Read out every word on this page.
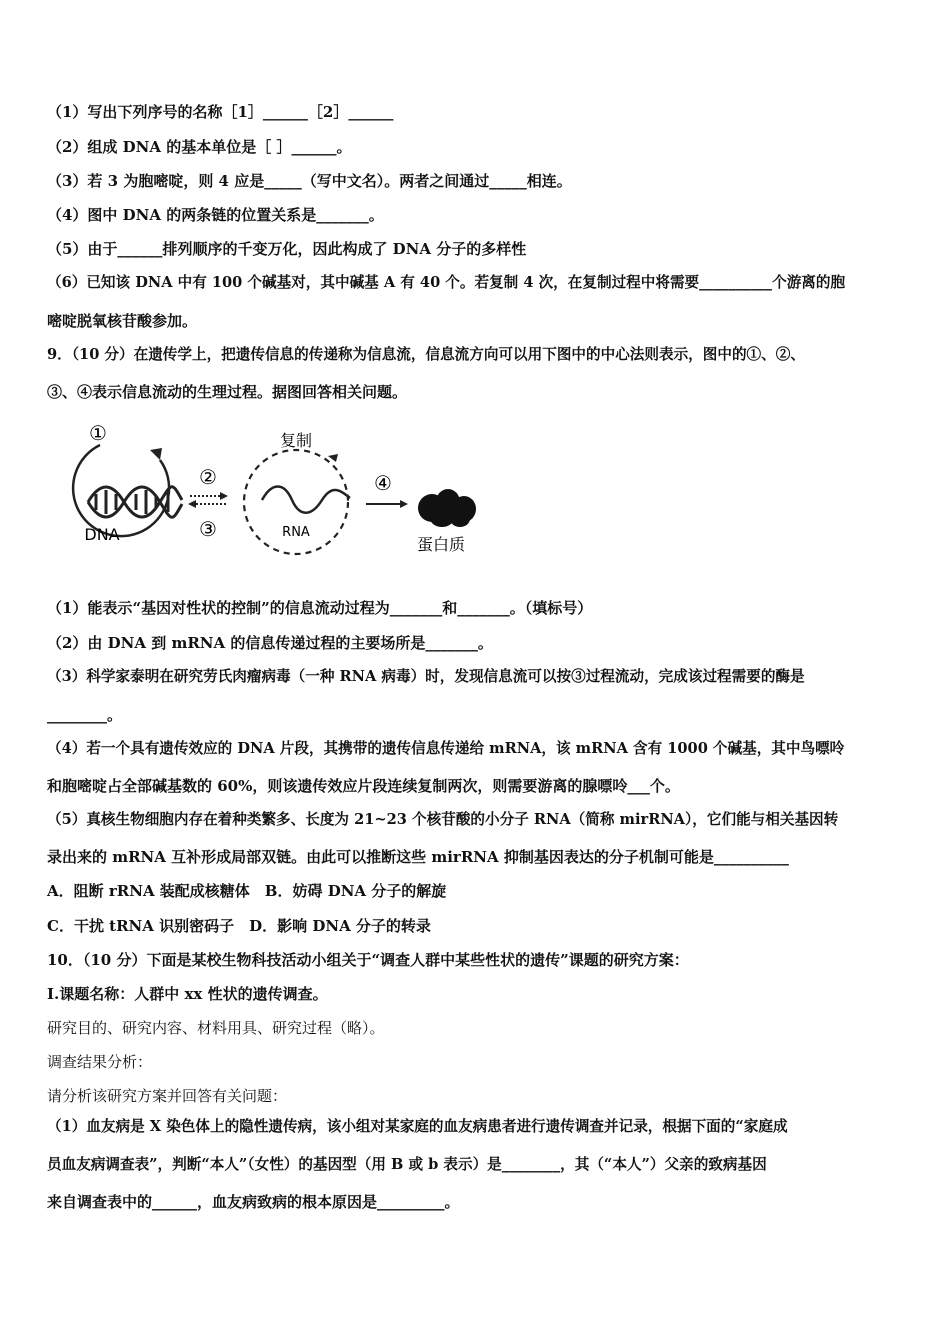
（1）写出下列序号的名称［1］______［2］______
（2）组成 DNA 的基本单位是［ ］______。
（3）若 3 为胞嘧啶，则 4 应是_____（写中文名）。两者之间通过_____相连。
（4）图中 DNA 的两条链的位置关系是_______。
（5）由于______排列顺序的千变万化，因此构成了 DNA 分子的多样性
（6）已知该 DNA 中有 100 个碱基对，其中碱基 A 有 40 个。若复制 4 次，在复制过程中将需要__________个游离的胞
嘧啶脱氧核苷酸参加。
9．（10 分）在遗传学上，把遗传信息的传递称为信息流，信息流方向可以用下图中的中心法则表示，图中的①、②、
③、④表示信息流动的生理过程。据图回答相关问题。
①
DNA
②
③
复制
RNA
④
蛋白质
（1）能表示“基因对性状的控制”的信息流动过程为_______和_______。（填标号）
（2）由 DNA 到 mRNA 的信息传递过程的主要场所是_______。
（3）科学家泰明在研究劳氏肉瘤病毒（一种 RNA 病毒）时，发现信息流可以按③过程流动，完成该过程需要的酶是
________。
（4）若一个具有遗传效应的 DNA 片段，其携带的遗传信息传递给 mRNA，该 mRNA 含有 1000 个碱基，其中鸟嘌呤
和胞嘧啶占全部碱基数的 60%，则该遗传效应片段连续复制两次，则需要游离的腺嘌呤___个。
（5）真核生物细胞内存在着种类繁多、长度为 21~23 个核苷酸的小分子 RNA（简称 mirRNA），它们能与相关基因转
录出来的 mRNA 互补形成局部双链。由此可以推断这些 mirRNA 抑制基因表达的分子机制可能是__________
A．阻断 rRNA 装配成核糖体　B．妨碍 DNA 分子的解旋
C．干扰 tRNA 识别密码子　D．影响 DNA 分子的转录
10．（10 分）下面是某校生物科技活动小组关于“调查人群中某些性状的遗传”课题的研究方案：
I.课题名称：人群中 xx 性状的遗传调查。
研究目的、研究内容、材料用具、研究过程（略）。
调查结果分析：
请分析该研究方案并回答有关问题：
（1）血友病是 X 染色体上的隐性遗传病，该小组对某家庭的血友病患者进行遗传调查并记录，根据下面的“家庭成
员血友病调查表”，判断“本人”（女性）的基因型（用 B 或 b 表示）是________，其（“本人”）父亲的致病基因
来自调查表中的______，血友病致病的根本原因是_________。
